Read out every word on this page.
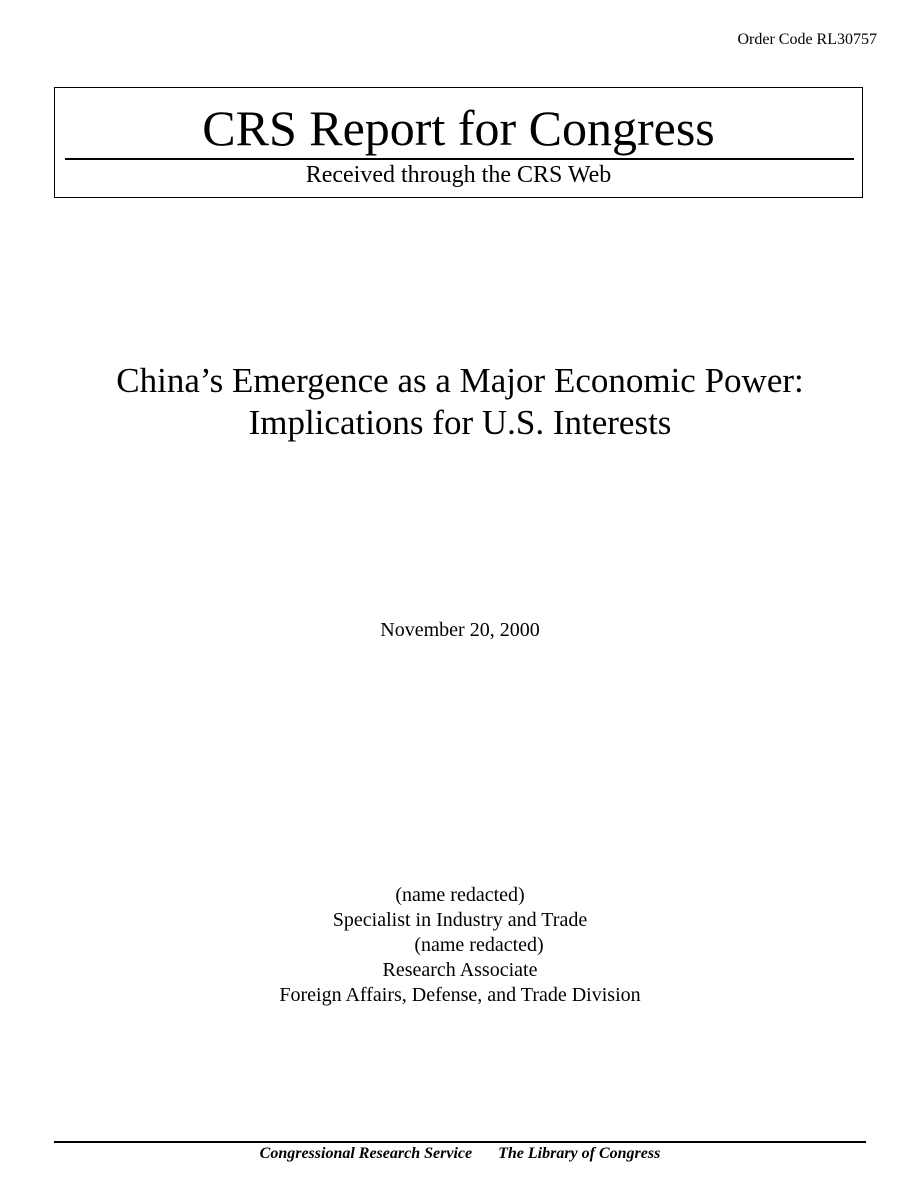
Order Code RL30757
CRS Report for Congress
Received through the CRS Web
China’s Emergence as a Major Economic Power:
Implications for U.S. Interests
November 20, 2000
(name redacted)
Specialist in Industry and Trade
(name redacted)
Research Associate
Foreign Affairs, Defense, and Trade Division
Congressional Research Service The Library of Congress
